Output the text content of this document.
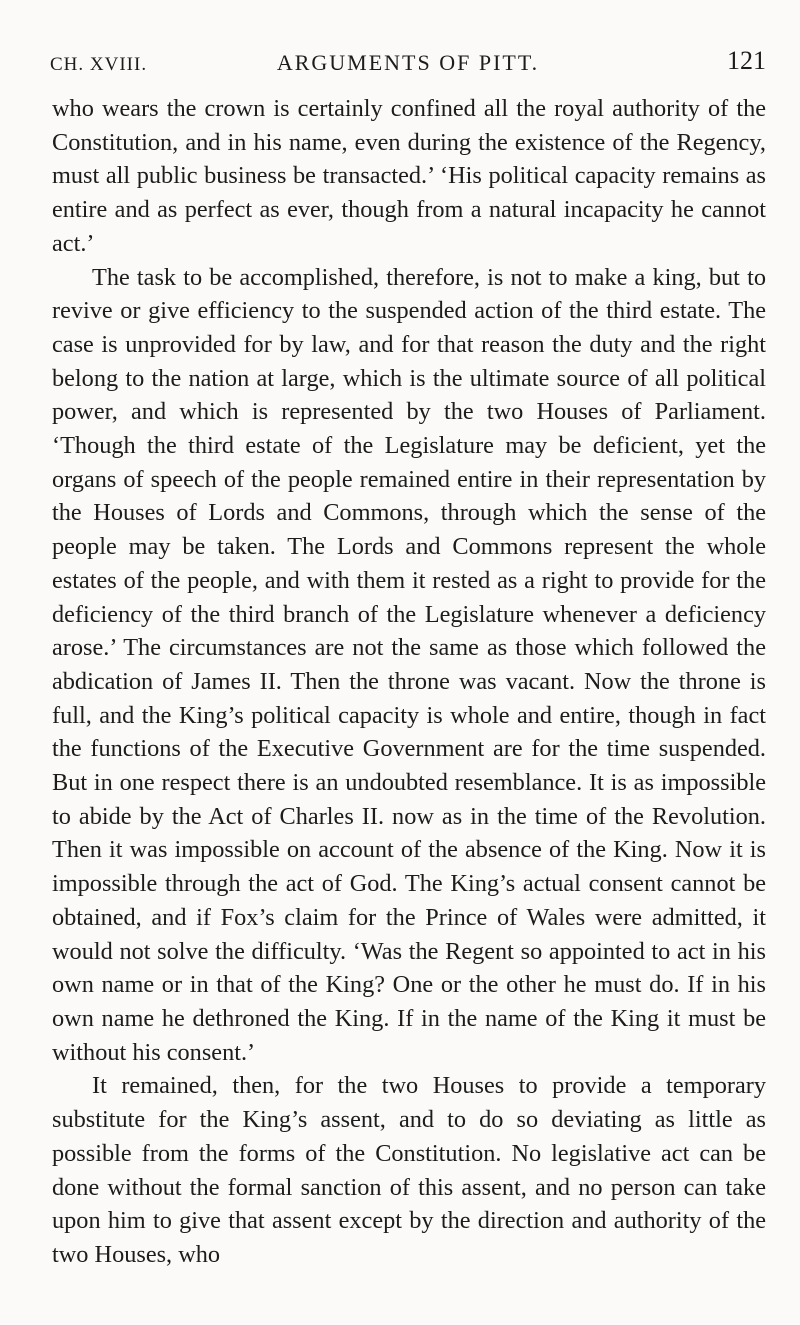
CH. XVIII.	ARGUMENTS OF PITT.	121

who wears the crown is certainly confined all the royal authority of the Constitution, and in his name, even during the existence of the Regency, must all public business be transacted.’ ‘His political capacity remains as entire and as perfect as ever, though from a natural incapacity he cannot act.’

The task to be accomplished, therefore, is not to make a king, but to revive or give efficiency to the suspended action of the third estate. The case is unprovided for by law, and for that reason the duty and the right belong to the nation at large, which is the ultimate source of all political power, and which is represented by the two Houses of Parliament. ‘Though the third estate of the Legislature may be deficient, yet the organs of speech of the people remained entire in their representation by the Houses of Lords and Commons, through which the sense of the people may be taken. The Lords and Commons represent the whole estates of the people, and with them it rested as a right to provide for the deficiency of the third branch of the Legislature whenever a deficiency arose.’ The circumstances are not the same as those which followed the abdication of James II. Then the throne was vacant. Now the throne is full, and the King’s political capacity is whole and entire, though in fact the functions of the Executive Government are for the time suspended. But in one respect there is an undoubted resemblance. It is as impossible to abide by the Act of Charles II. now as in the time of the Revolution. Then it was impossible on account of the absence of the King. Now it is impossible through the act of God. The King’s actual consent cannot be obtained, and if Fox’s claim for the Prince of Wales were admitted, it would not solve the difficulty. ‘Was the Regent so appointed to act in his own name or in that of the King? One or the other he must do. If in his own name he dethroned the King. If in the name of the King it must be without his consent.’

It remained, then, for the two Houses to provide a temporary substitute for the King’s assent, and to do so deviating as little as possible from the forms of the Constitution. No legislative act can be done without the formal sanction of this assent, and no person can take upon him to give that assent except by the direction and authority of the two Houses, who
